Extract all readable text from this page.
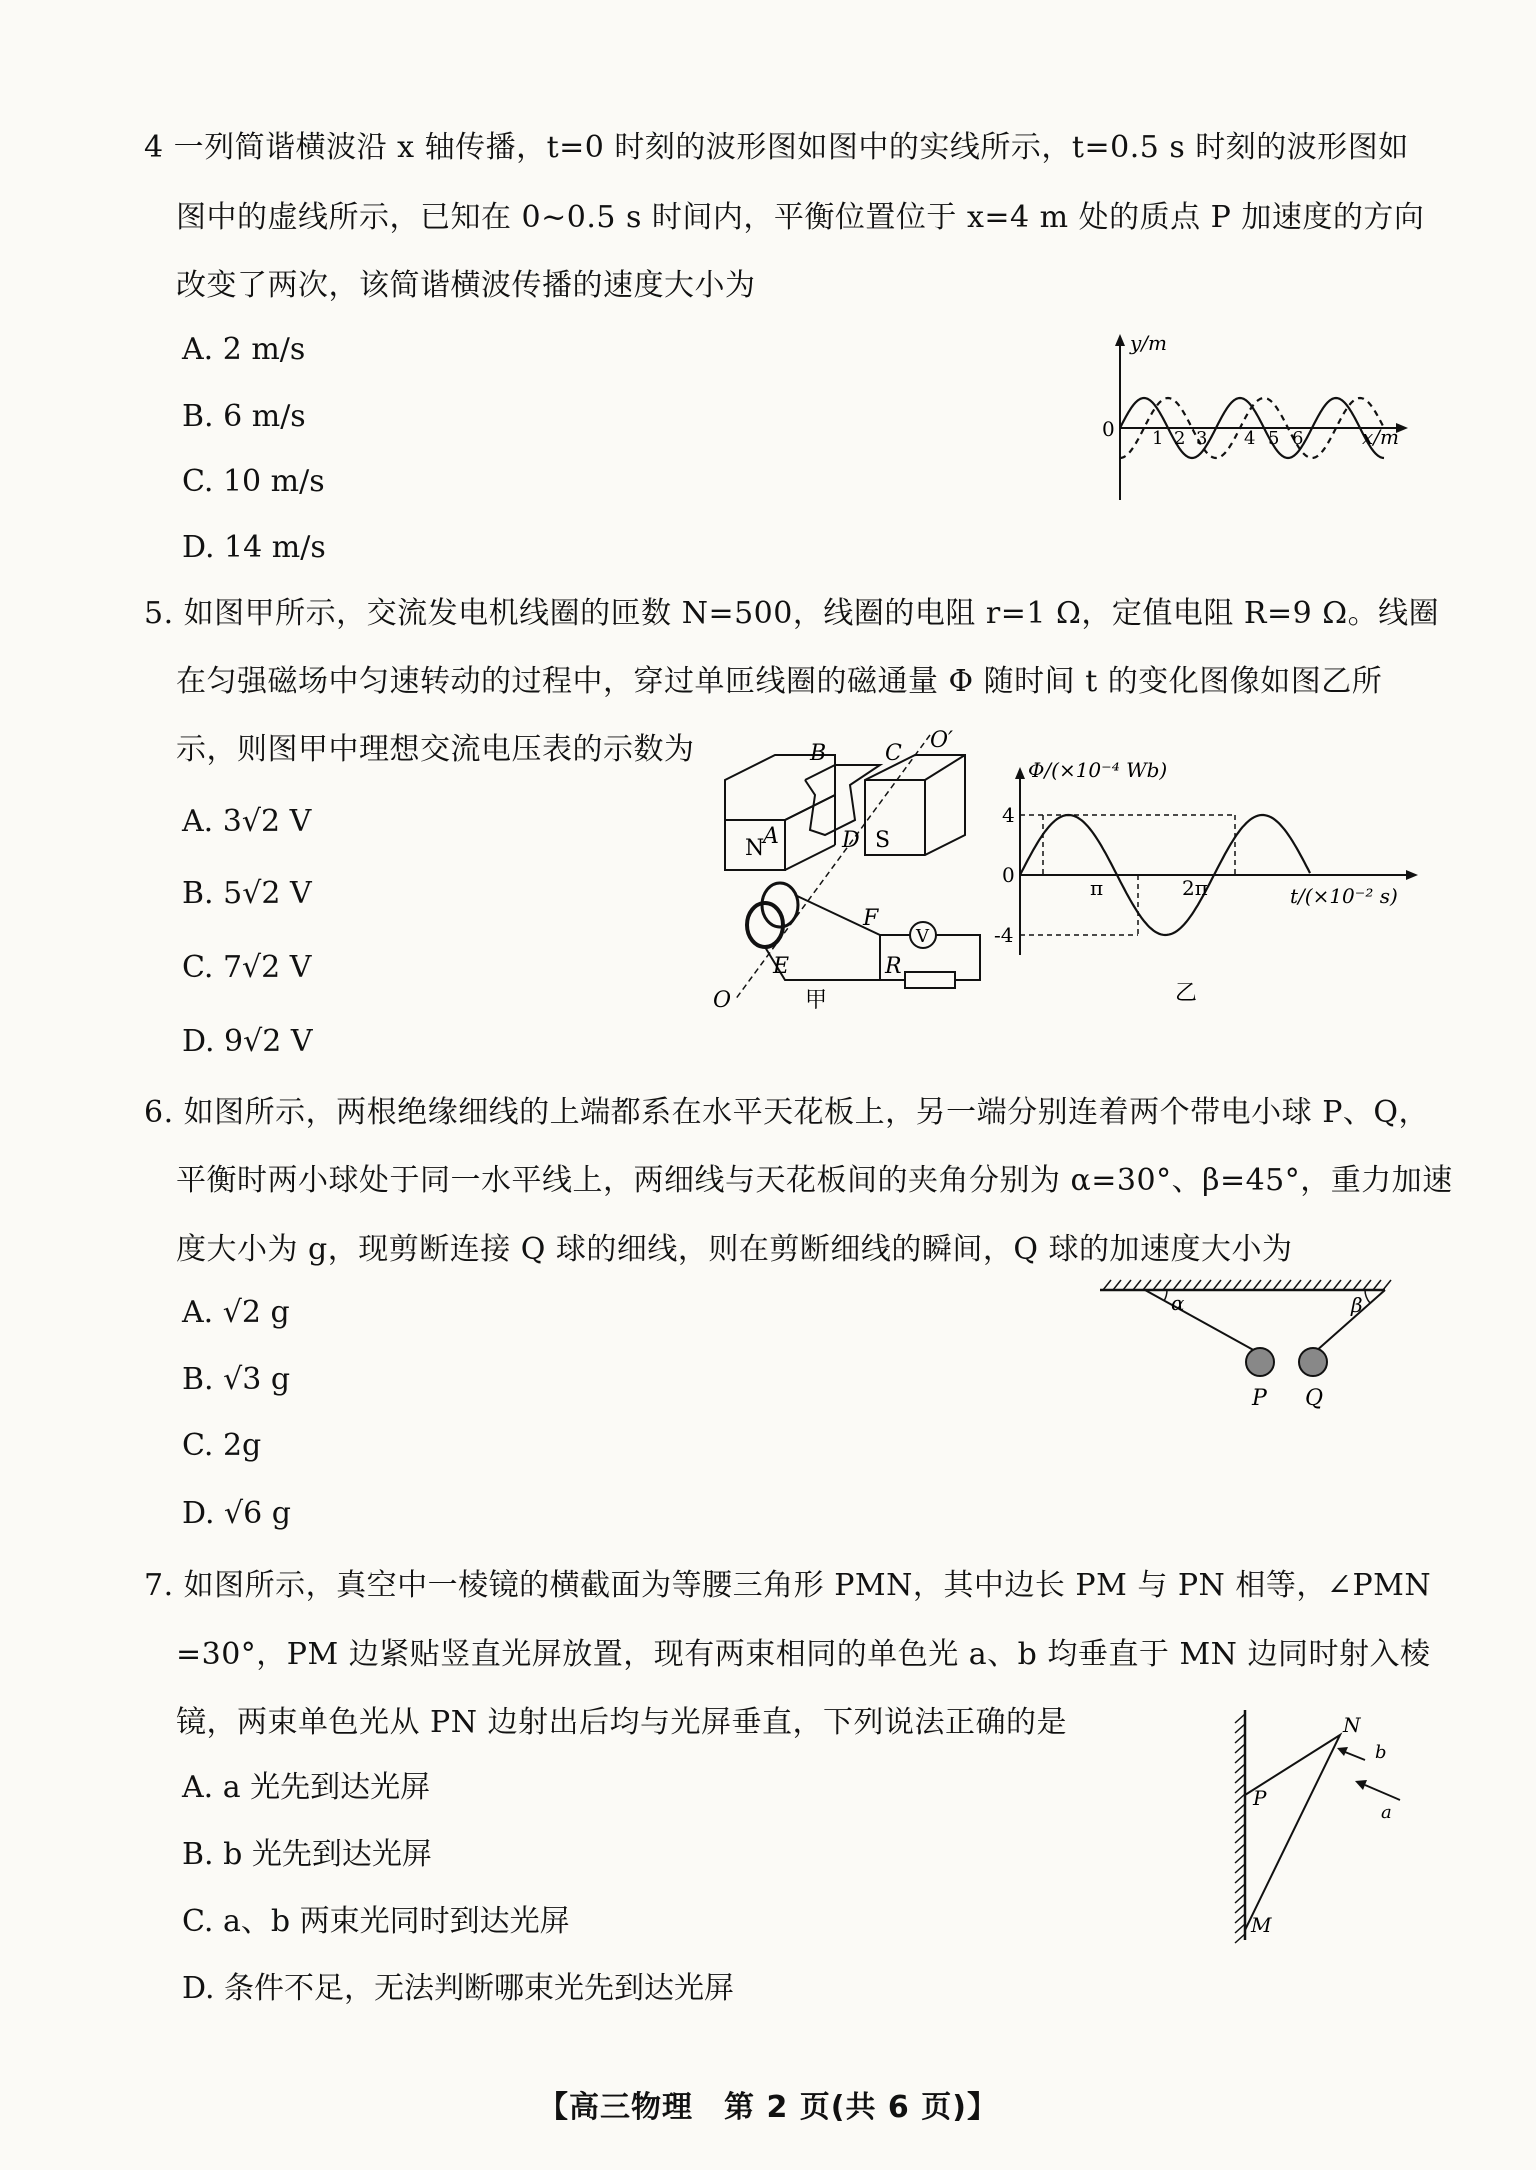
4 一列简谐横波沿 x 轴传播，t=0 时刻的波形图如图中的实线所示，t=0.5 s 时刻的波形图如
图中的虚线所示，已知在 0~0.5 s 时间内，平衡位置位于 x=4 m 处的质点 P 加速度的方向
改变了两次，该简谐横波传播的速度大小为
A. 2 m/s
B. 6 m/s
C. 10 m/s
D. 14 m/s
y/m
x/m
0 1 2 3 4 5 6
5. 如图甲所示，交流发电机线圈的匝数 N=500，线圈的电阻 r=1 Ω，定值电阻 R=9 Ω。线圈
在匀强磁场中匀速转动的过程中，穿过单匝线圈的磁通量 Φ 随时间 t 的变化图像如图乙所
示，则图甲中理想交流电压表的示数为
A. 3√2 V
B. 5√2 V
C. 7√2 V
D. 9√2 V
O′
B	C
A	D
N	S
F
V
E	R
O	甲
Φ/(×10⁻⁴ Wb)
t/(×10⁻² s)
4
0
-4
π	2π
乙
6. 如图所示，两根绝缘细线的上端都系在水平天花板上，另一端分别连着两个带电小球 P、Q，
平衡时两小球处于同一水平线上，两细线与天花板间的夹角分别为 α=30°、β=45°，重力加速
度大小为 g，现剪断连接 Q 球的细线，则在剪断细线的瞬间，Q 球的加速度大小为
A. √2 g
B. √3 g
C. 2g
D. √6 g
α	β
P Q
7. 如图所示，真空中一棱镜的横截面为等腰三角形 PMN，其中边长 PM 与 PN 相等，∠PMN
=30°，PM 边紧贴竖直光屏放置，现有两束相同的单色光 a、b 均垂直于 MN 边同时射入棱
镜，两束单色光从 PN 边射出后均与光屏垂直，下列说法正确的是
A. a 光先到达光屏
B. b 光先到达光屏
C. a、b 两束光同时到达光屏
D. 条件不足，无法判断哪束光先到达光屏
P
N
M
b
a
【高三物理　第 2 页(共 6 页)】
